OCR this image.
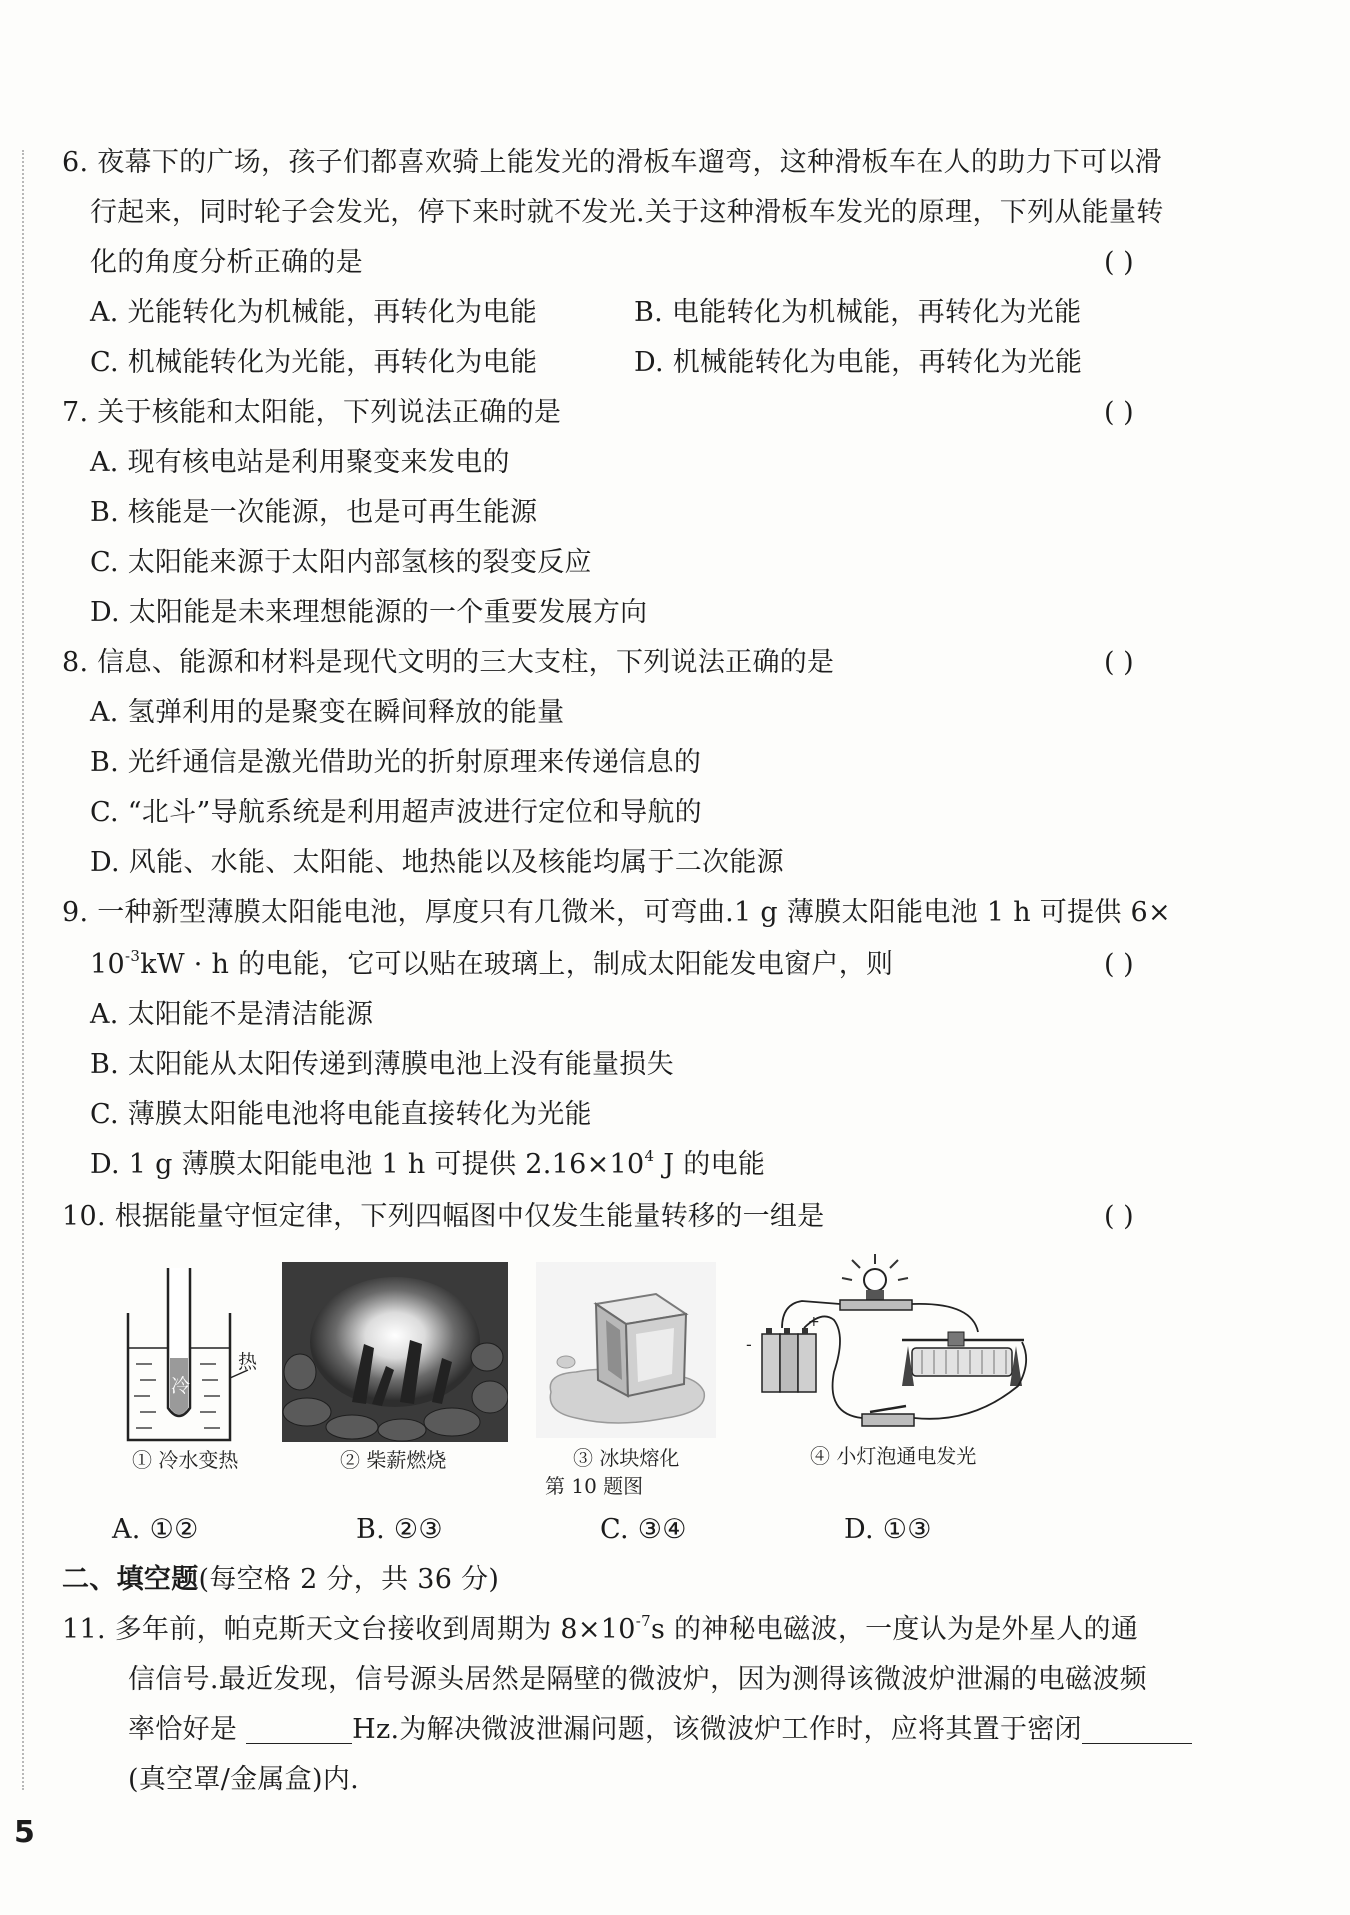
6. 夜幕下的广场，孩子们都喜欢骑上能发光的滑板车遛弯，这种滑板车在人的助力下可以滑
行起来，同时轮子会发光，停下来时就不发光.关于这种滑板车发光的原理，下列从能量转
化的角度分析正确的是	( )
A. 光能转化为机械能，再转化为电能	B. 电能转化为机械能，再转化为光能
C. 机械能转化为光能，再转化为电能	D. 机械能转化为电能，再转化为光能
7. 关于核能和太阳能，下列说法正确的是	( )
A. 现有核电站是利用聚变来发电的
B. 核能是一次能源，也是可再生能源
C. 太阳能来源于太阳内部氢核的裂变反应
D. 太阳能是未来理想能源的一个重要发展方向
8. 信息、能源和材料是现代文明的三大支柱，下列说法正确的是	( )
A. 氢弹利用的是聚变在瞬间释放的能量
B. 光纤通信是激光借助光的折射原理来传递信息的
C. “北斗”导航系统是利用超声波进行定位和导航的
D. 风能、水能、太阳能、地热能以及核能均属于二次能源
9. 一种新型薄膜太阳能电池，厚度只有几微米，可弯曲.1 g 薄膜太阳能电池 1 h 可提供 6×
$10^{-3}kW \cdot h$ 的电能，它可以贴在玻璃上，制成太阳能发电窗户，则	( )
A. 太阳能不是清洁能源
B. 太阳能从太阳传递到薄膜电池上没有能量损失
C. 薄膜太阳能电池将电能直接转化为光能
D. 1 g 薄膜太阳能电池 1 h 可提供 $2.16\times 10^4$ J 的电能
10. 根据能量守恒定律，下列四幅图中仅发生能量转移的一组是	( )
冷
热
① 冷水变热	② 柴薪燃烧	③ 冰块熔化
+
-
④ 小灯泡通电发光
第 10 题图
A. ①②	B. ②③	C. ③④	D. ①③
二、填空题(每空格 2 分，共 36 分)
11. 多年前，帕克斯天文台接收到周期为 $8\times 10^{-7}s$ 的神秘电磁波，一度认为是外星人的通
信信号.最近发现，信号源头居然是隔壁的微波炉，因为测得该微波炉泄漏的电磁波频
率恰好是	Hz.为解决微波泄漏问题，该微波炉工作时，应将其置于密闭
(真空罩/金属盒)内.
5
